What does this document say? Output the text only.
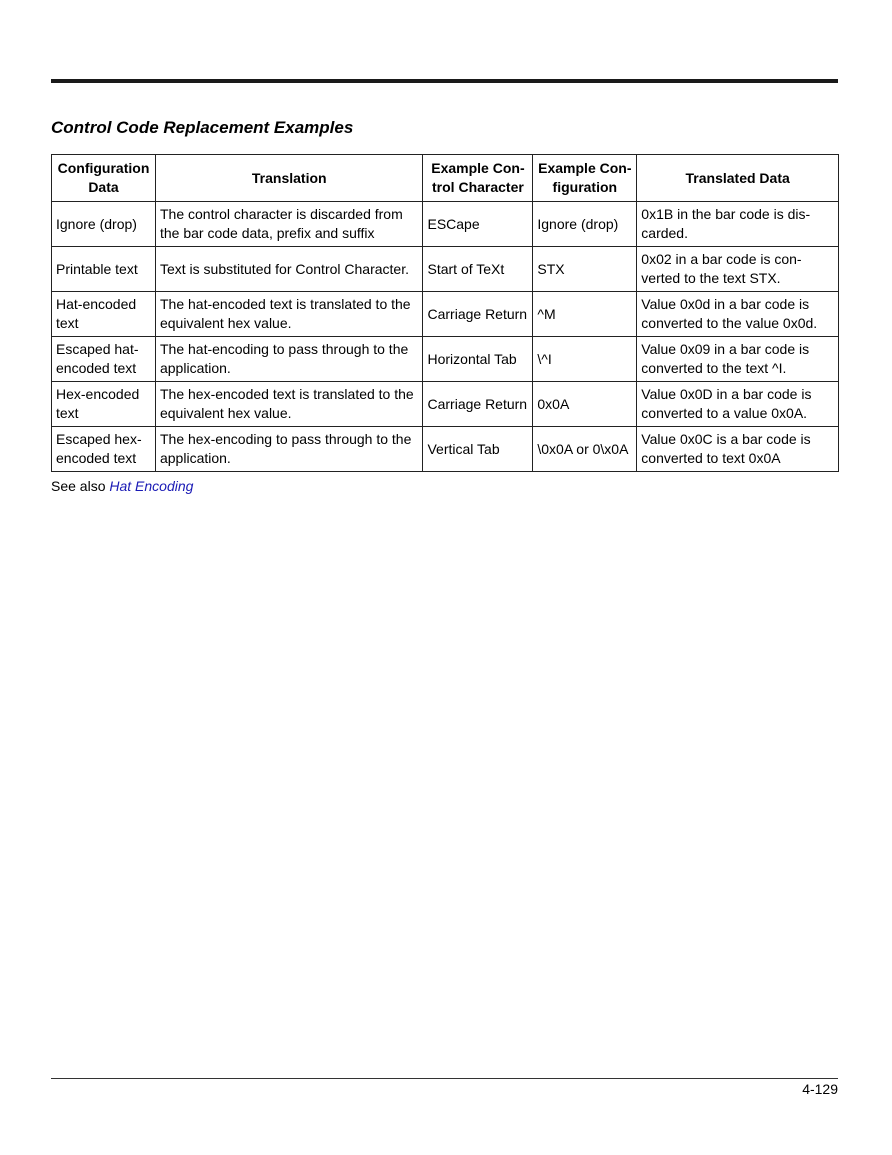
Control Code Replacement Examples
Configuration Data	Translation	Example Con-trol Character	Example Con-figuration	Translated Data
Ignore (drop)	The control character is discarded from the bar code data, prefix and suffix	ESCape	Ignore (drop)	0x1B in the bar code is dis-carded.
Printable text	Text is substituted for Control Character.	Start of TeXt	STX	0x02 in a bar code is con-verted to the text STX.
Hat-encoded text	The hat-encoded text is translated to the equivalent hex value.	Carriage Return	^M	Value 0x0d in a bar code is converted to the value 0x0d.
Escaped hat-encoded text	The hat-encoding to pass through to the application.	Horizontal Tab	\^I	Value 0x09 in a bar code is converted to the text ^I.
Hex-encoded text	The hex-encoded text is translated to the equivalent hex value.	Carriage Return	0x0A	Value 0x0D in a bar code is converted to a value 0x0A.
Escaped hex-encoded text	The hex-encoding to pass through to the application.	Vertical Tab	\0x0A or 0\x0A	Value 0x0C is a bar code is converted to text 0x0A
See also Hat Encoding
4-129
